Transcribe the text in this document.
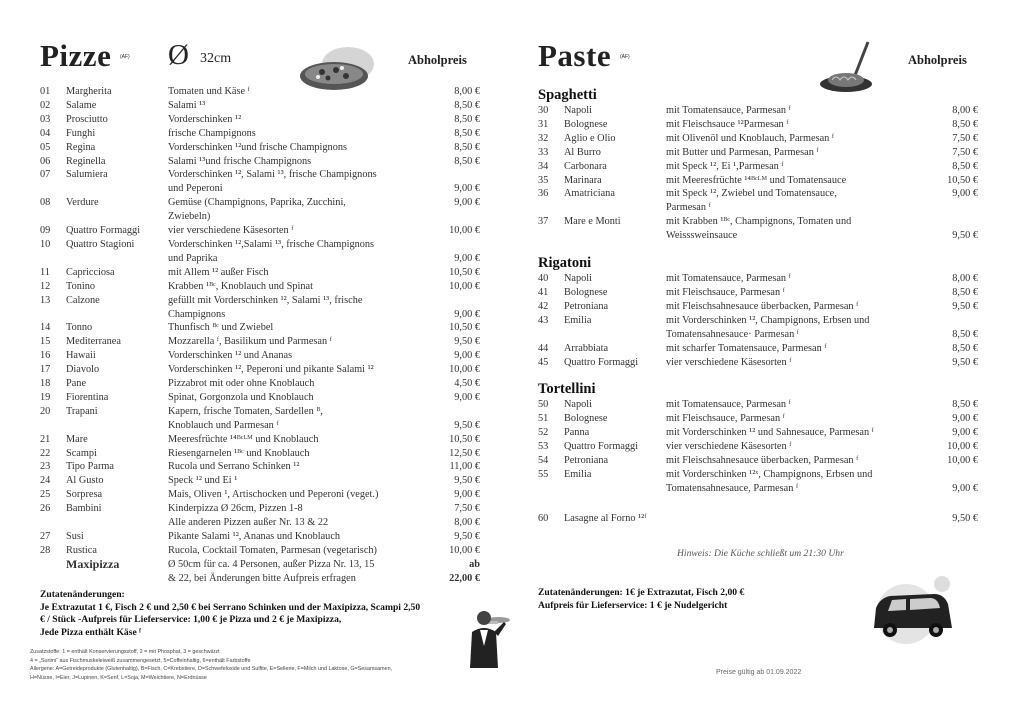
Pizze (AF) Ø 32cm	Abholpreis
01	Margherita	Tomaten und Käse ᶠ	8,00 €
02	Salame	Salami ¹³	8,50 €
03	Prosciutto	Vorderschinken ¹²	8,50 €
04	Funghi	frische Champignons	8,50 €
05	Regina	Vorderschinken ¹²und frische Champignons	8,50 €
06	Reginella	Salami ¹³und frische Champignons	8,50 €
07	Salumiera	Vorderschinken ¹², Salami ¹³, frische Champignons
und Peperoni	9,00 €
08	Verdure	Gemüse (Champignons, Paprika, Zucchini,	9,00 €
Zwiebeln)
09	Quattro Formaggi	vier verschiedene Käsesorten ᶠ	10,00 €
10	Quattro Stagioni	Vorderschinken ¹²,Salami ¹³, frische Champignons
und Paprika	9,00 €
11	Capricciosa	mit Allem ¹² außer Fisch	10,50 €
12	Tonino	Krabben ¹ᴮᶜ, Knoblauch und Spinat	10,00 €
13	Calzone	gefüllt mit Vorderschinken ¹², Salami ¹³, frische
Champignons	9,00 €
14	Tonno	Thunfisch ᴮᶜ und Zwiebel	10,50 €
15	Mediterranea	Mozzarella ᶠ, Basilikum und Parmesan ᶠ	9,50 €
16	Hawaii	Vorderschinken ¹² und Ananas	9,00 €
17	Diavolo	Vorderschinken ¹², Peperoni und pikante Salami ¹²	10,00 €
18	Pane	Pizzabrot mit oder ohne Knoblauch	4,50 €
19	Fiorentina	Spinat, Gorgonzola und Knoblauch	9,00 €
20	Trapani	Kapern, frische Tomaten, Sardellen ᴮ,
Knoblauch und Parmesan ᶠ	9,50 €
21	Mare	Meeresfrüchte ¹⁴ᴮᶜᴸᴹ und Knoblauch	10,50 €
22	Scampi	Riesengarnelen ¹ᴮᶜ und Knoblauch	12,50 €
23	Tipo Parma	Rucola und Serrano Schinken ¹²	11,00 €
24	Al Gusto	Speck ¹² und Ei ¹	9,50 €
25	Sorpresa	Mais, Oliven ¹, Artischocken und Peperoni (veget.)	9,00 €
26	Bambini	Kinderpizza Ø 26cm, Pizzen 1-8	7,50 €
Alle anderen Pizzen außer Nr. 13 & 22	8,00 €
27	Susi	Pikante Salami ¹², Ananas und Knoblauch	9,50 €
28	Rustica	Rucola, Cocktail Tomaten, Parmesan (vegetarisch)	10,00 €
Maxipizza	Ø 50cm für ca. 4 Personen, außer Pizza Nr. 13, 15	ab
& 22, bei Änderungen bitte Aufpreis erfragen	22,00 €
Zutatenänderungen:
Je Extrazutat 1 €, Fisch 2 € und 2,50 € bei Serrano Schinken und der Maxipizza, Scampi 2,50
€ / Stück -Aufpreis für Lieferservice: 1,00 € je Pizza und 2 € je Maxipizza,
Jede Pizza enthält Käse ᶠ
Zusatzstoffe: 1 = enthält Konservierungsstoff, 2 = mit Phosphat, 3 = geschwärzt
4 = „Surimi“ aus Fischmuskeleiweiß zusammengesetzt, 5=Coffeinhaltig, 6=enthält Farbstoffe
Allergene: A=Getreideprodukte (Glutenhaltig), B=Fisch, C=Krebstiere, D=Schwefeloxide und Sulfite, E=Sellerie, F=Milch und Laktose, G=Sesamsamen,
H=Nüsse, I=Eier, J=Lupinen, K=Senf, L=Soja, M=Weichtiere, N=Erdnüsse
Paste (AF)	Abholpreis
Spaghetti
30	Napoli	mit Tomatensauce, Parmesan ᶠ	8,00 €
31	Bolognese	mit Fleischsauce ¹²Parmesan ᶠ	8,50 €
32	Aglio e Olio	mit Olivenöl und Knoblauch, Parmesan ᶠ	7,50 €
33	Al Burro	mit Butter und Parmesan, Parmesan ᶠ	7,50 €
34	Carbonara	mit Speck ¹², Ei ¹,Parmesan ᶠ	8,50 €
35	Marinara	mit Meeresfrüchte ¹⁴ᴮᶜᴸᴹ und Tomatensauce	10,50 €
36	Amatriciana	mit Speck ¹², Zwiebel und Tomatensauce,	9,00 €
Parmesan ᶠ
37	Mare e Monti	mit Krabben ¹ᴮᶜ, Champignons, Tomaten und
Weisssweinsauce	9,50 €
Rigatoni
40	Napoli	mit Tomatensauce, Parmesan ᶠ	8,00 €
41	Bolognese	mit Fleischsauce, Parmesan ᶠ	8,50 €
42	Petroniana	mit Fleischsahnesauce überbacken, Parmesan ᶠ	9,50 €
43	Emilia	mit Vorderschinken ¹², Champignons, Erbsen und
Tomatensahnesauce· Parmesan ᶠ	8,50 €
44	Arrabbiata	mit scharfer Tomatensauce, Parmesan ᶠ	8,50 €
45	Quattro Formaggi	vier verschiedene Käsesorten ᶠ	9,50 €
Tortellini
50	Napoli	mit Tomatensauce, Parmesan ᶠ	8,50 €
51	Bolognese	mit Fleischsauce, Parmesan ᶠ	9,00 €
52	Panna	mit Vorderschinken ¹² und Sahnesauce, Parmesan ᶠ	9,00 €
53	Quattro Formaggi	vier verschiedene Käsesorten ᶠ	10,00 €
54	Petroniana	mit Fleischsahnesauce überbacken, Parmesan ᶠ	10,00 €
55	Emilia	mit Vorderschinken ¹²ˣ, Champignons, Erbsen und
Tomatensahnesauce, Parmesan ᶠ	9,00 €
60	Lasagne al Forno ¹²ᶠ	9,50 €
Hinweis: Die Küche schließt um 21:30 Uhr
Zutatenänderungen: 1€ je Extrazutat, Fisch 2,00 €
Aufpreis für Lieferservice: 1 € je Nudelgericht
Preise gültig ab 01.09.2022
